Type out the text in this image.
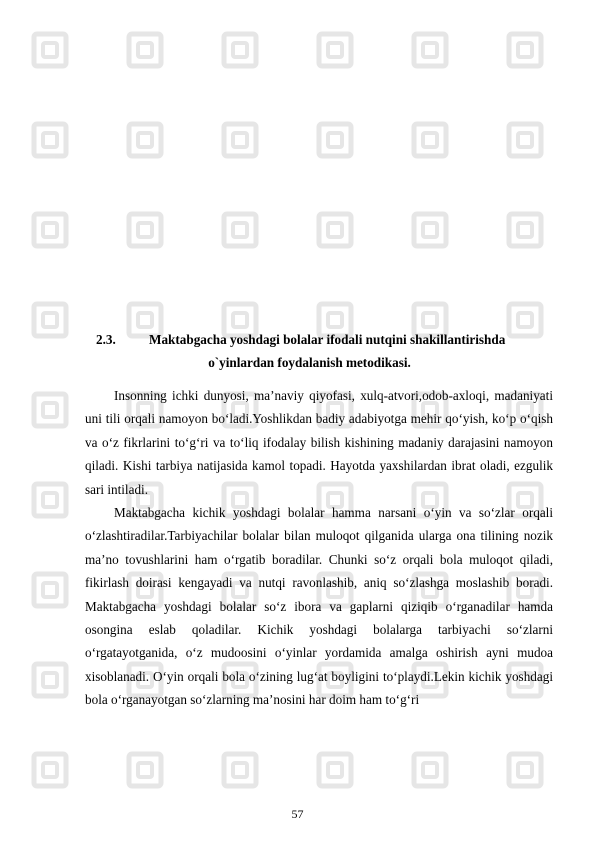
2.3.	Maktabgacha yoshdagi bolalar ifodali nutqini shakillantirishda
o`yinlardan foydalanish metodikasi.

Insonning ichki dunyosi, ma’naviy qiyofasi, xulq-atvori,odob-axloqi, madaniyati uni tili orqali namoyon bo‘ladi.Yoshlikdan badiy adabiyotga mehir qo‘yish, ko‘p o‘qish va o‘z fikrlarini to‘g‘ri va to‘liq ifodalay bilish kishining madaniy darajasini namoyon qiladi. Kishi tarbiya natijasida kamol topadi. Hayotda yaxshilardan ibrat oladi, ezgulik sari intiladi.

Maktabgacha kichik yoshdagi bolalar hamma narsani o‘yin va so‘zlar orqali o‘zlashtiradilar.Tarbiyachilar bolalar bilan muloqot qilganida ularga ona tilining nozik ma’no tovushlarini ham o‘rgatib boradilar. Chunki so‘z orqali bola muloqot qiladi, fikirlash doirasi kengayadi va nutqi ravonlashib, aniq so‘zlashga moslashib boradi. Maktabgacha yoshdagi bolalar so‘z ibora va gaplarni qiziqib o‘rganadilar hamda osongina eslab qoladilar. Kichik yoshdagi bolalarga tarbiyachi so‘zlarni o‘rgatayotganida, o‘z mudoosini o‘yinlar yordamida amalga oshirish ayni mudoa xisoblanadi. O‘yin orqali bola o‘zining lug‘at boyligini to‘playdi.Lekin kichik yoshdagi bola o‘rganayotgan so‘zlarning ma’nosini har doim ham to‘g‘ri

57
